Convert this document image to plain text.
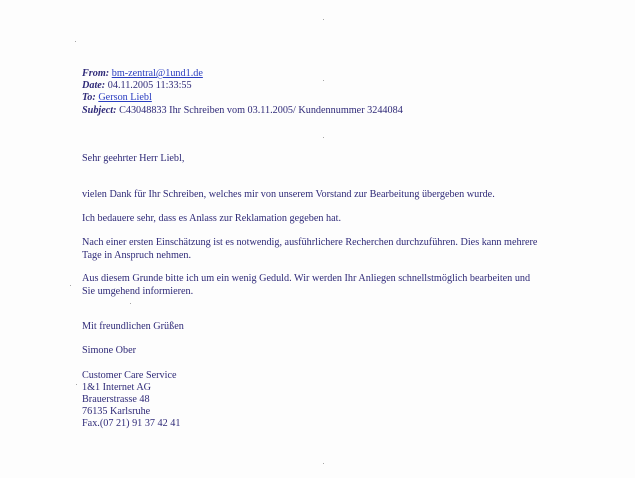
From: bm-zentral@1und1.de
Date: 04.11.2005 11:33:55
To: Gerson Liebl
Subject: C43048833 Ihr Schreiben vom 03.11.2005/ Kundennummer 3244084
Sehr geehrter Herr Liebl,
vielen Dank für Ihr Schreiben, welches mir von unserem Vorstand zur Bearbeitung übergeben wurde.
Ich bedauere sehr, dass es Anlass zur Reklamation gegeben hat.
Nach einer ersten Einschätzung ist es notwendig, ausführlichere Recherchen durchzuführen. Dies kann mehrere
Tage in Anspruch nehmen.
Aus diesem Grunde bitte ich um ein wenig Geduld. Wir werden Ihr Anliegen schnellstmöglich bearbeiten und
Sie umgehend informieren.
Mit freundlichen Grüßen
Simone Ober
Customer Care Service
1&1 Internet AG
Brauerstrasse 48
76135 Karlsruhe
Fax.(07 21) 91 37 42 41
